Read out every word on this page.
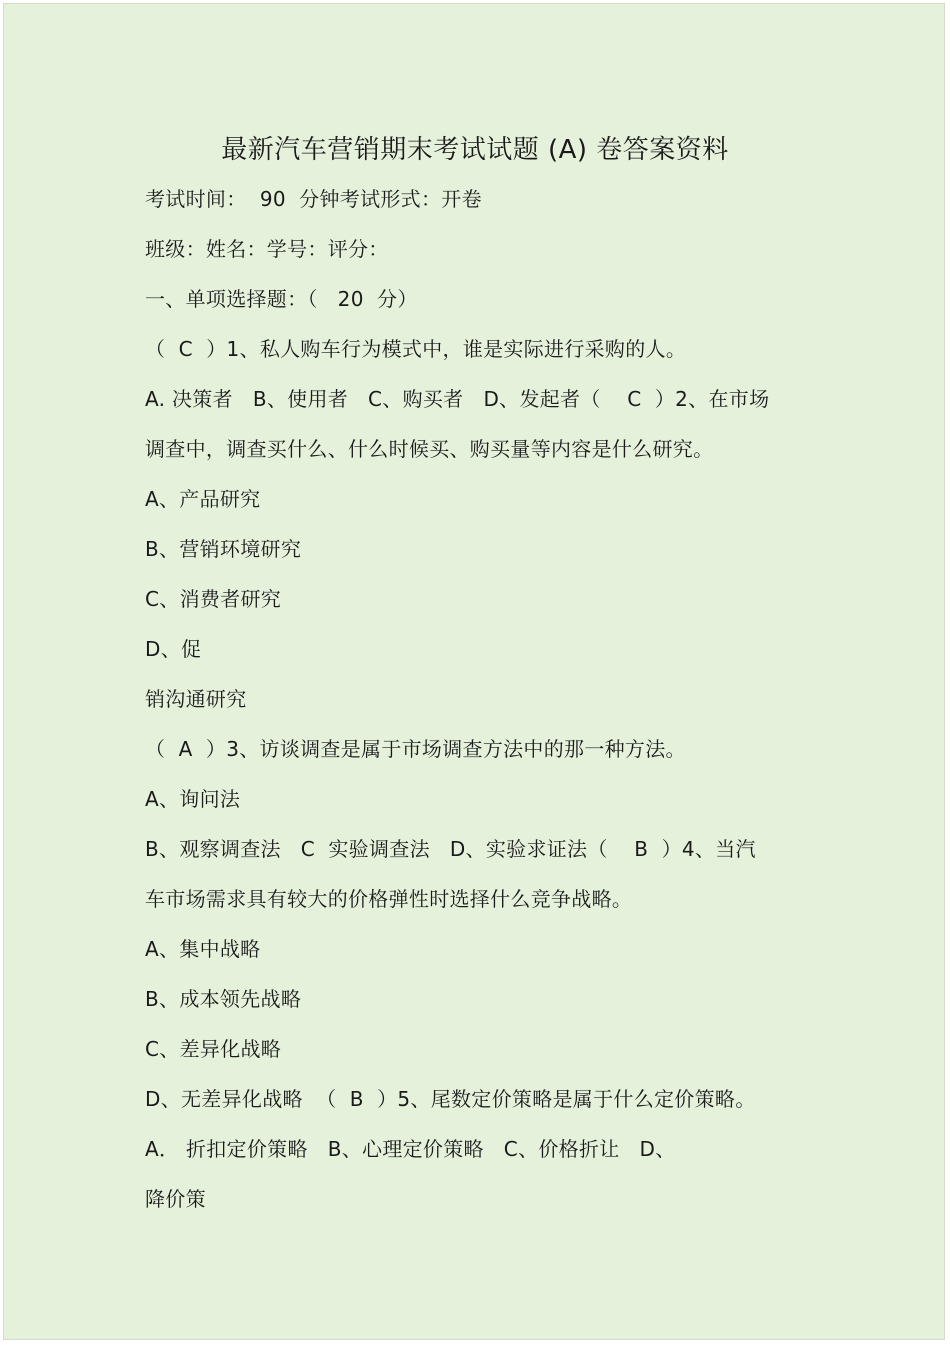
最新汽车营销期末考试试题 (A) 卷答案资料
考试时间：  90  分钟考试形式：开卷
班级：姓名：学号：评分：
一、单项选择题：（   20  分）
（  C  ）1、私人购车行为模式中，谁是实际进行采购的人。
A. 决策者   B、使用者   C、购买者   D、发起者（    C  ）2、在市场
调查中，调查买什么、什么时候买、购买量等内容是什么研究。
A、产品研究
B、营销环境研究
C、消费者研究
D、促
销沟通研究
（  A  ）3、访谈调查是属于市场调查方法中的那一种方法。
A、询问法
B、观察调查法   C  实验调查法   D、实验求证法（    B  ）4、当汽
车市场需求具有较大的价格弹性时选择什么竞争战略。
A、集中战略
B、成本领先战略
C、差异化战略
D、无差异化战略  （  B  ）5、尾数定价策略是属于什么定价策略。
A． 折扣定价策略   B、心理定价策略   C、价格折让   D、
降价策
